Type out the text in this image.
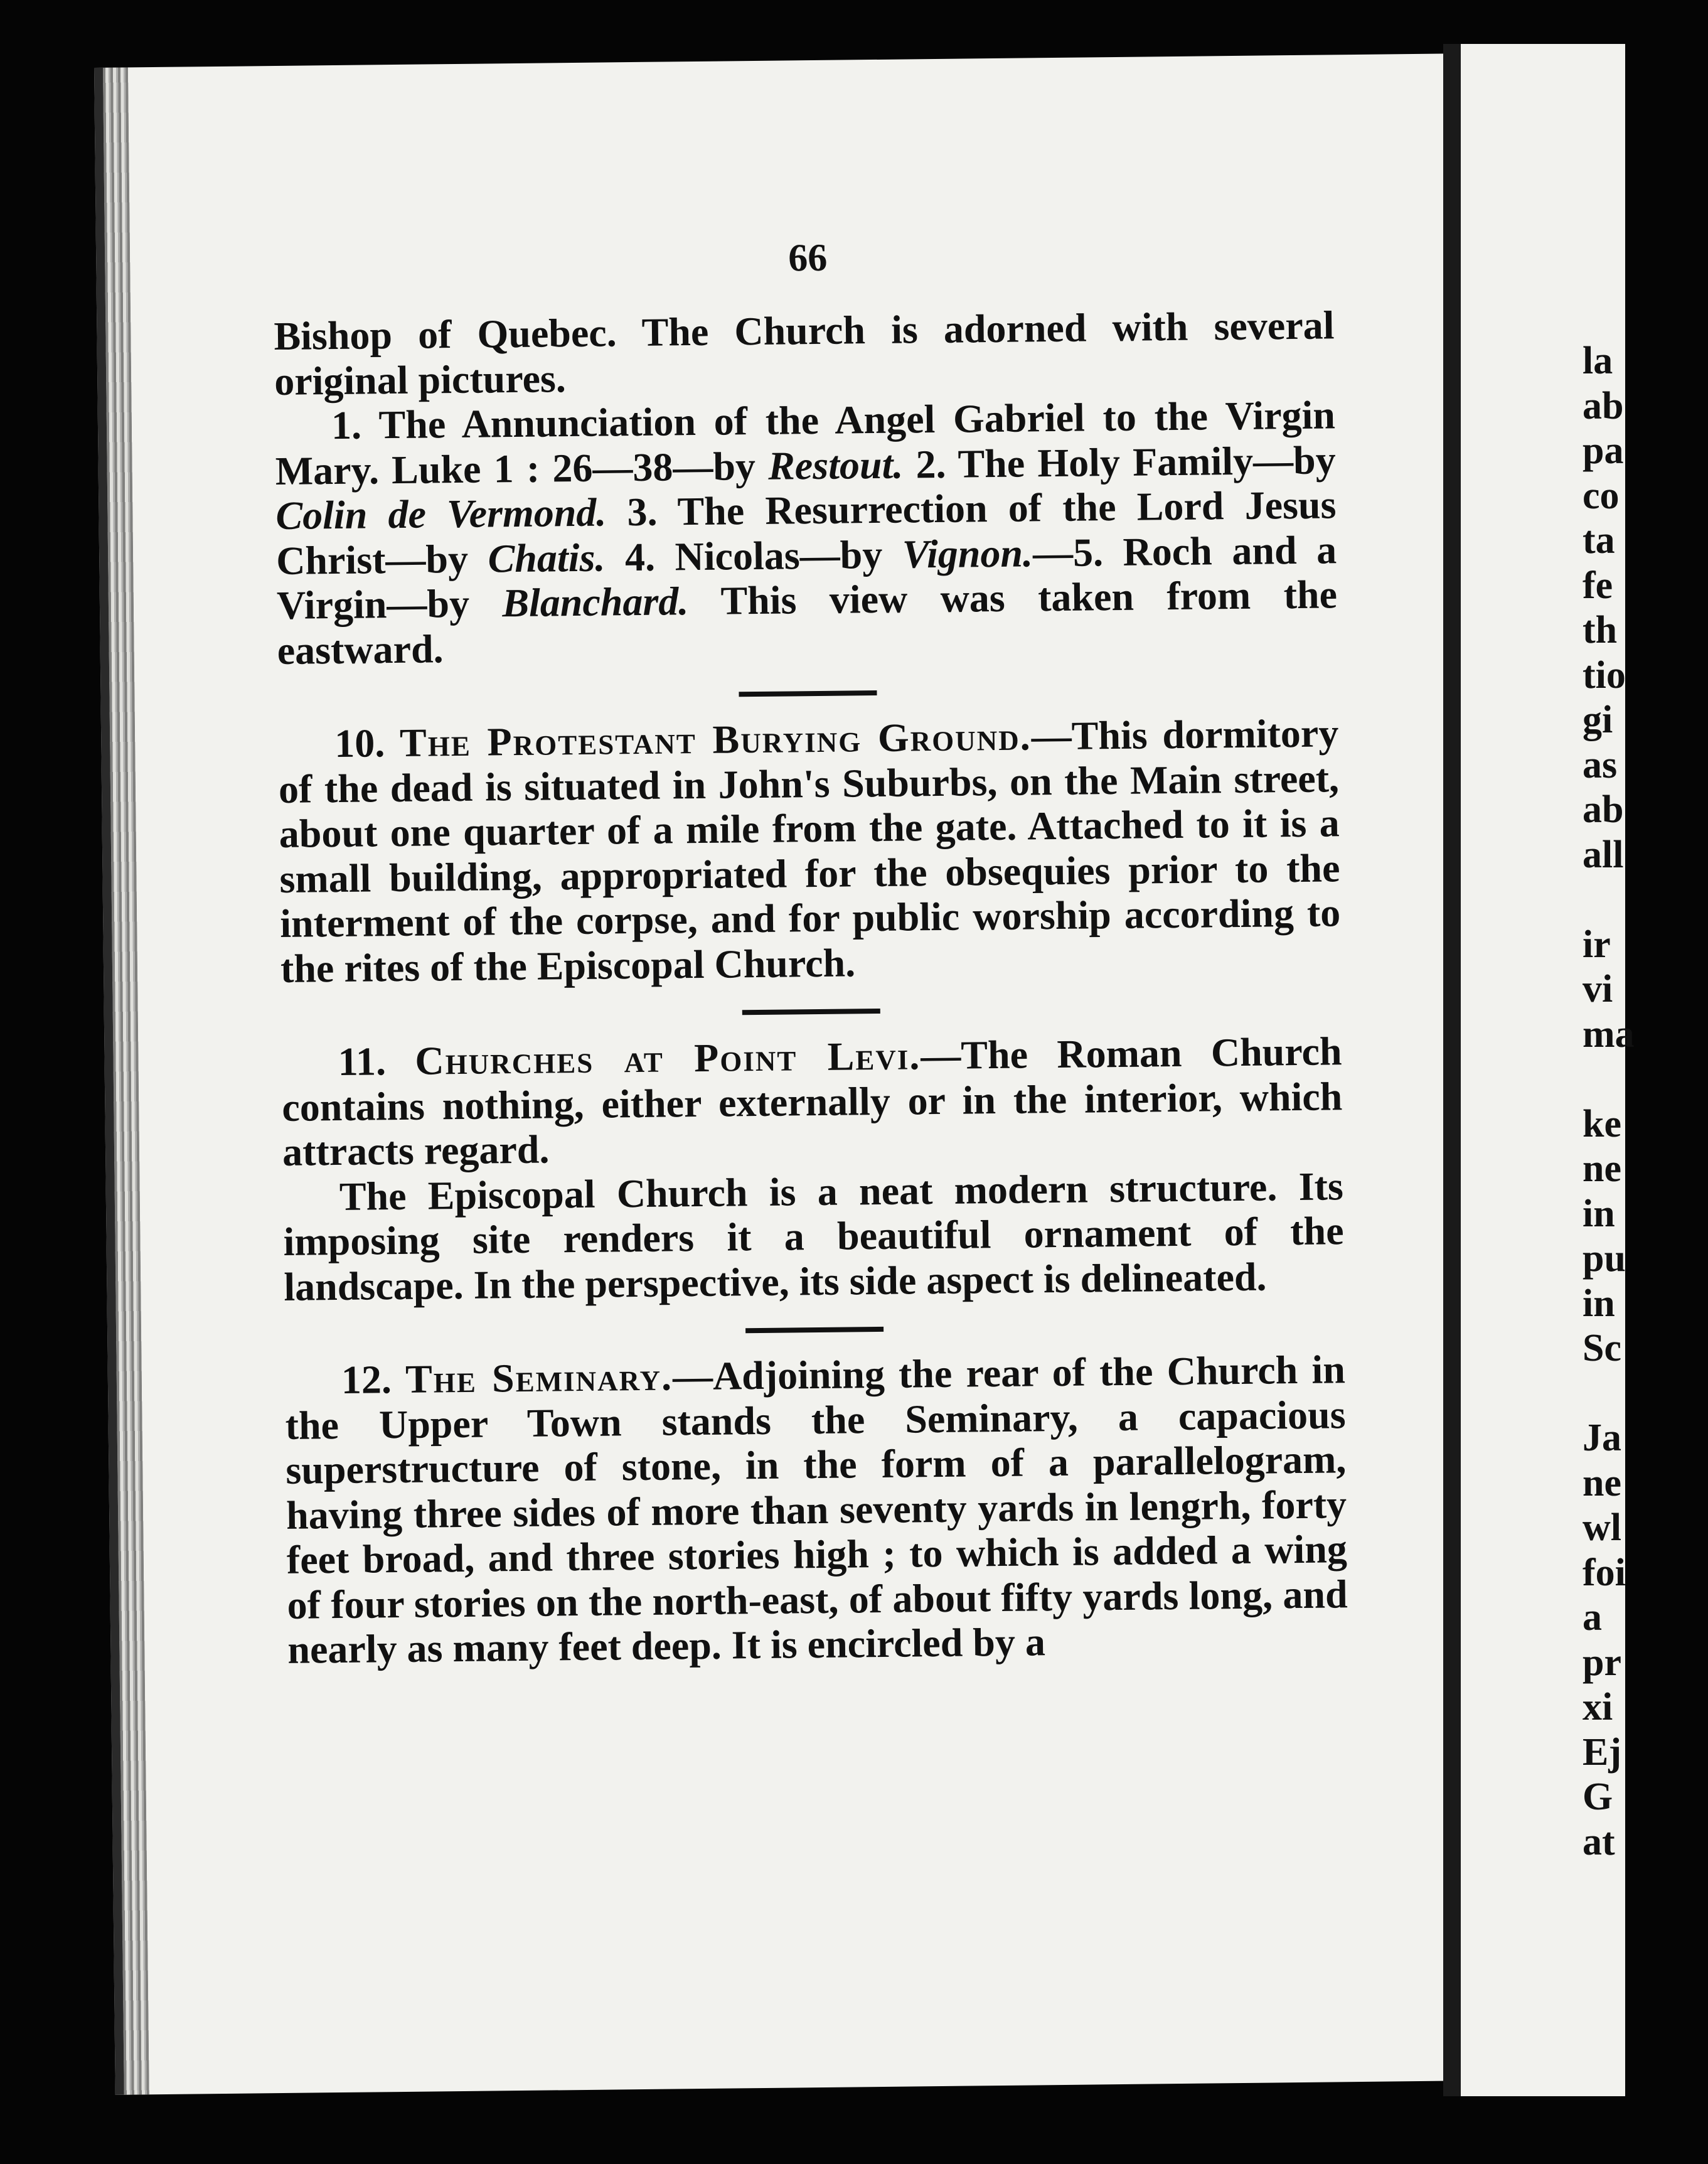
66

Bishop of Quebec. The Church is adorned with several original pictures.

1. The Annunciation of the Angel Gabriel to the Virgin Mary. Luke 1 : 26—38—by Restout. 2. The Holy Family—by Colin de Vermond. 3. The Resurrection of the Lord Jesus Christ—by Chatis. 4. Nicolas—by Vignon.—5. Roch and a Virgin—by Blanchard. This view was taken from the eastward.

10. The Protestant Burying Ground.—This dormitory of the dead is situated in John's Suburbs, on the Main street, about one quarter of a mile from the gate. Attached to it is a small building, appropriated for the obsequies prior to the interment of the corpse, and for public worship according to the rites of the Episcopal Church.

11. Churches at Point Levi.—The Roman Church contains nothing, either externally or in the interior, which attracts regard.

The Episcopal Church is a neat modern structure. Its imposing site renders it a beautiful ornament of the landscape. In the perspective, its side aspect is delineated.

12. The Seminary.—Adjoining the rear of the Church in the Upper Town stands the Seminary, a capacious superstructure of stone, in the form of a parallelogram, having three sides of more than seventy yards in lengrh, forty feet broad, and three stories high ; to which is added a wing of four stories on the north-east, of about fifty yards long, and nearly as many feet deep. It is encircled by a

la
ab
pa
co
ta
fe
th
tio
gi
as
ab
all
ir
vi
ma
ke
ne
in
pu
in
Sc
Ja
ne
wl
foi
a
pr
xi
Ej
G
at
